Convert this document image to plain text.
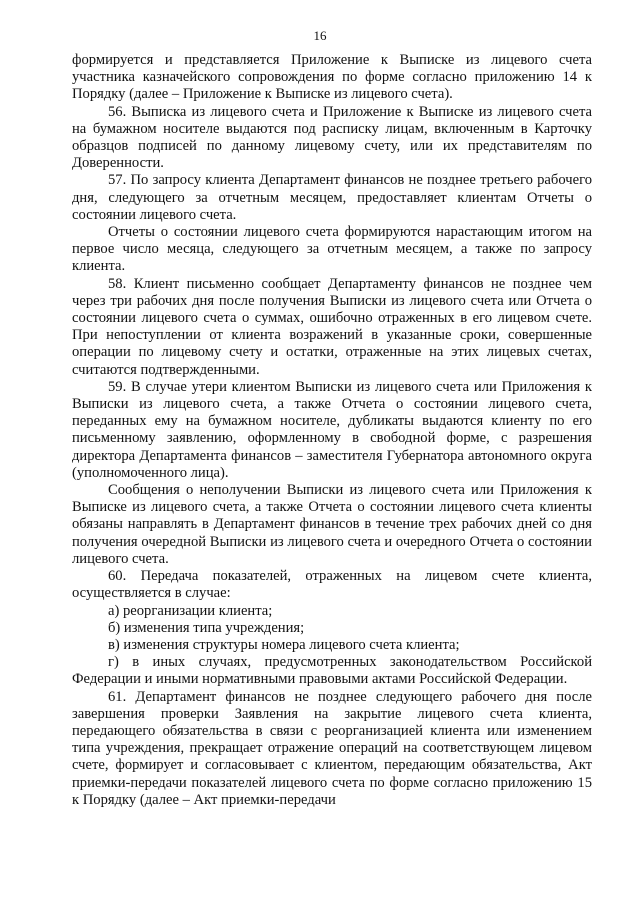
16

формируется и представляется Приложение к Выписке из лицевого счета участника казначейского сопровождения по форме согласно приложению 14 к Порядку (далее – Приложение к Выписке из лицевого счета).

56. Выписка из лицевого счета и Приложение к Выписке из лицевого счета на бумажном носителе выдаются под расписку лицам, включенным в Карточку образцов подписей по данному лицевому счету, или их представителям по Доверенности.

57. По запросу клиента Департамент финансов не позднее третьего рабочего дня, следующего за отчетным месяцем, предоставляет клиентам Отчеты о состоянии лицевого счета.

Отчеты о состоянии лицевого счета формируются нарастающим итогом на первое число месяца, следующего за отчетным месяцем, а также по запросу клиента.

58. Клиент письменно сообщает Департаменту финансов не позднее чем через три рабочих дня после получения Выписки из лицевого счета или Отчета о состоянии лицевого счета о суммах, ошибочно отраженных в его лицевом счете. При непоступлении от клиента возражений в указанные сроки, совершенные операции по лицевому счету и остатки, отраженные на этих лицевых счетах, считаются подтвержденными.

59. В случае утери клиентом Выписки из лицевого счета или Приложения к Выписки из лицевого счета, а также Отчета о состоянии лицевого счета, переданных ему на бумажном носителе, дубликаты выдаются клиенту по его письменному заявлению, оформленному в свободной форме, с разрешения директора Департамента финансов – заместителя Губернатора автономного округа (уполномоченного лица).

Сообщения о неполучении Выписки из лицевого счета или Приложения к Выписке из лицевого счета, а также Отчета о состоянии лицевого счета клиенты обязаны направлять в Департамент финансов в течение трех рабочих дней со дня получения очередной Выписки из лицевого счета и очередного Отчета о состоянии лицевого счета.

60. Передача показателей, отраженных на лицевом счете клиента, осуществляется в случае:

а) реорганизации клиента;

б) изменения типа учреждения;

в) изменения структуры номера лицевого счета клиента;

г) в иных случаях, предусмотренных законодательством Российской Федерации и иными нормативными правовыми актами Российской Федерации.

61. Департамент финансов не позднее следующего рабочего дня после завершения проверки Заявления на закрытие лицевого счета клиента, передающего обязательства в связи с реорганизацией клиента или изменением типа учреждения, прекращает отражение операций на соответствующем лицевом счете, формирует и согласовывает с клиентом, передающим обязательства, Акт приемки-передачи показателей лицевого счета по форме согласно приложению 15 к Порядку (далее – Акт приемки-передачи
